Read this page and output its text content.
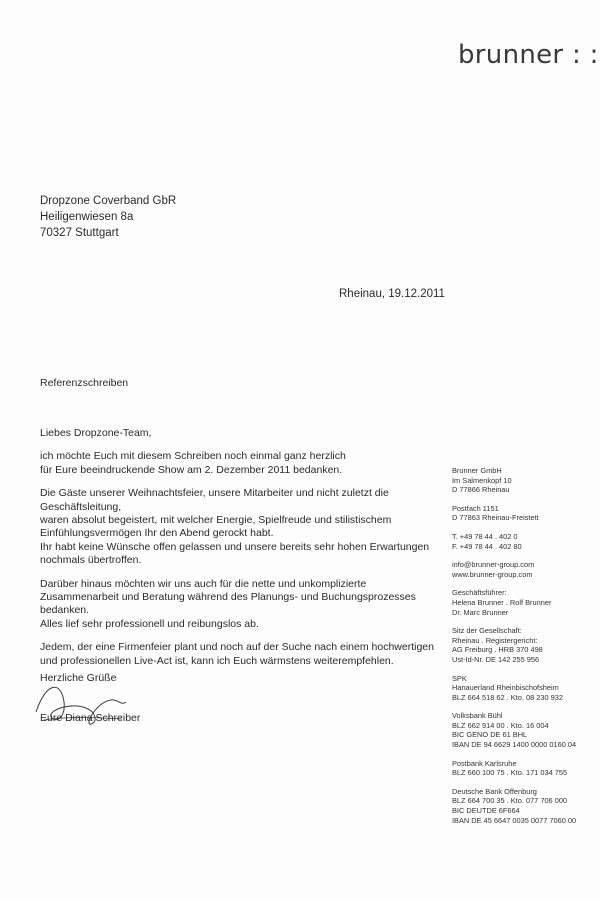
brunner : :
Dropzone Coverband GbR
Heiligenwiesen 8a
70327 Stuttgart
Rheinau, 19.12.2011
Referenzschreiben
Liebes Dropzone-Team,

ich möchte Euch mit diesem Schreiben noch einmal ganz herzlich
für Eure beeindruckende Show am 2. Dezember 2011 bedanken.

Die Gäste unserer Weihnachtsfeier, unsere Mitarbeiter und nicht zuletzt die Geschäftsleitung,
waren absolut begeistert, mit welcher Energie, Spielfreude und stilistischem
Einfühlungsvermögen Ihr den Abend gerockt habt.
Ihr habt keine Wünsche offen gelassen und unsere bereits sehr hohen Erwartungen
nochmals übertroffen.

Darüber hinaus möchten wir uns auch für die nette und unkomplizierte
Zusammenarbeit und Beratung während des Planungs- und Buchungsprozesses bedanken.
Alles lief sehr professionell und reibungslos ab.

Jedem, der eine Firmenfeier plant und noch auf der Suche nach einem hochwertigen
und professionellen Live-Act ist, kann ich Euch wärmstens weiterempfehlen.

Herzliche Grüße
Eure Diana Schreiber
Brunner GmbH
Im Salmenkopf 10
D 77866 Rheinau
Postfach 1151
D 77863 Rheinau-Freistett
T. +49 78 44 . 402 0
F. +49 78 44 . 402 80
info@brunner-group.com
www.brunner-group.com
Geschäftsführer:
Helena Brunner . Rolf Brunner
Dr. Marc Brunner
Sitz der Gesellschaft:
Rheinau . Registergericht:
AG Freiburg . HRB 370 498
Ust-Id-Nr. DE 142 255 956
SPK
Hanauerland Rheinbischofsheim
BLZ 664 518 62 . Kto. 08 230 932
Volksbank Bühl
BLZ 662 914 00 . Kto. 16 004
BIC GENO DE 61 BHL
IBAN DE 94 6629 1400 0000 0160 04
Postbank Karlsruhe
BLZ 660 100 75 . Kto. 171 034 755
Deutsche Bank Offenburg
BLZ 664 700 35 . Kto. 077 706 000
BIC DEUTDE 6F664
IBAN DE 45 6647 0035 0077 7060 00
